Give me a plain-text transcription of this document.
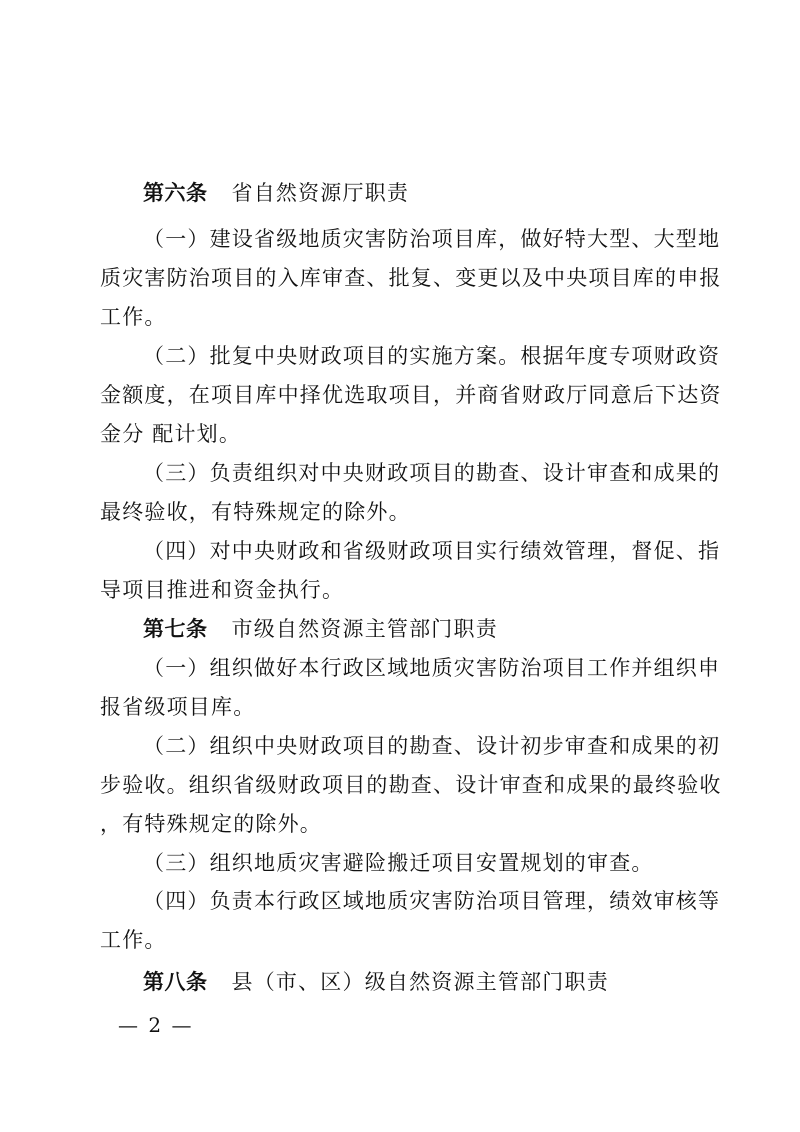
第六条 省自然资源厅职责
（一）建设省级地质灾害防治项目库，做好特大型、大型地
质灾害防治项目的入库审查、批复、变更以及中央项目库的申报
工作。
（二）批复中央财政项目的实施方案。根据年度专项财政资
金额度，在项目库中择优选取项目，并商省财政厅同意后下达资
金分 配计划。
（三）负责组织对中央财政项目的勘查、设计审查和成果的
最终验收，有特殊规定的除外。
（四）对中央财政和省级财政项目实行绩效管理，督促、指
导项目推进和资金执行。
第七条 市级自然资源主管部门职责
（一）组织做好本行政区域地质灾害防治项目工作并组织申
报省级项目库。
（二）组织中央财政项目的勘查、设计初步审查和成果的初
步验收。组织省级财政项目的勘查、设计审查和成果的最终验收
，有特殊规定的除外。
（三）组织地质灾害避险搬迁项目安置规划的审查。
（四）负责本行政区域地质灾害防治项目管理，绩效审核等
工作。
第八条 县（市、区）级自然资源主管部门职责
— 2 —
